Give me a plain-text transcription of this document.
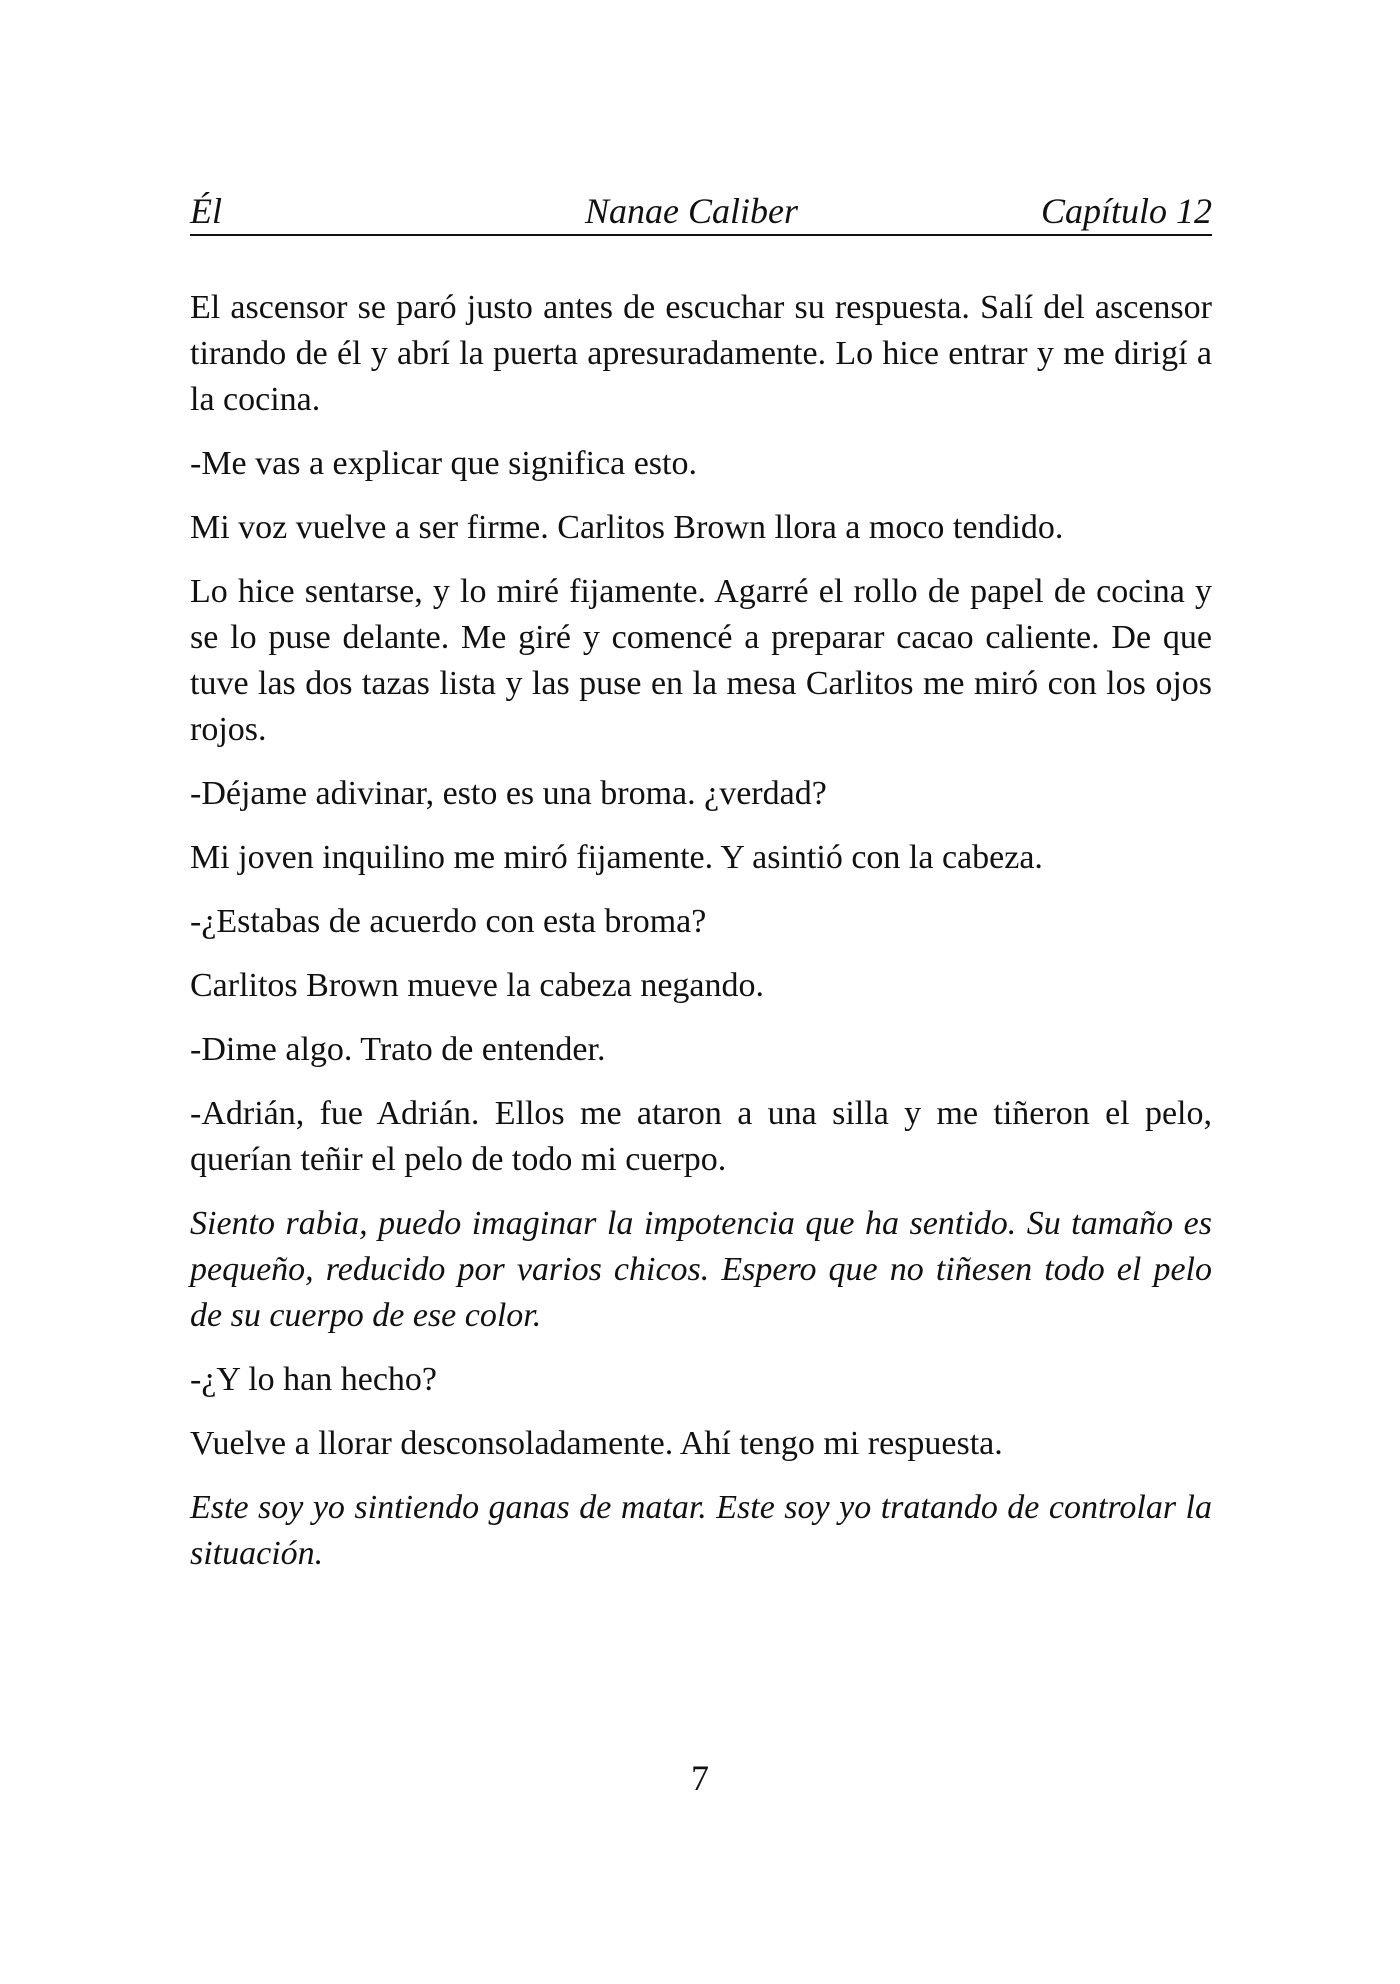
Él	Nanae Caliber	Capítulo 12

El ascensor se paró justo antes de escuchar su respuesta. Salí del ascensor tirando de él y abrí la puerta apresuradamente. Lo hice entrar y me dirigí a la cocina.

-Me vas a explicar que significa esto.

Mi voz vuelve a ser firme. Carlitos Brown llora a moco tendido.

Lo hice sentarse, y lo miré fijamente. Agarré el rollo de papel de cocina y se lo puse delante. Me giré y comencé a preparar cacao caliente. De que tuve las dos tazas lista y las puse en la mesa Carlitos me miró con los ojos rojos.

-Déjame adivinar, esto es una broma. ¿verdad?

Mi joven inquilino me miró fijamente. Y asintió con la cabeza.

-¿Estabas de acuerdo con esta broma?

Carlitos Brown mueve la cabeza negando.

-Dime algo. Trato de entender.

-Adrián, fue Adrián. Ellos me ataron a una silla y me tiñeron el pelo, querían teñir el pelo de todo mi cuerpo.

Siento rabia, puedo imaginar la impotencia que ha sentido. Su tamaño es pequeño, reducido por varios chicos. Espero que no tiñesen todo el pelo de su cuerpo de ese color.

-¿Y lo han hecho?

Vuelve a llorar desconsoladamente. Ahí tengo mi respuesta.

Este soy yo sintiendo ganas de matar. Este soy yo tratando de controlar la situación.

7
